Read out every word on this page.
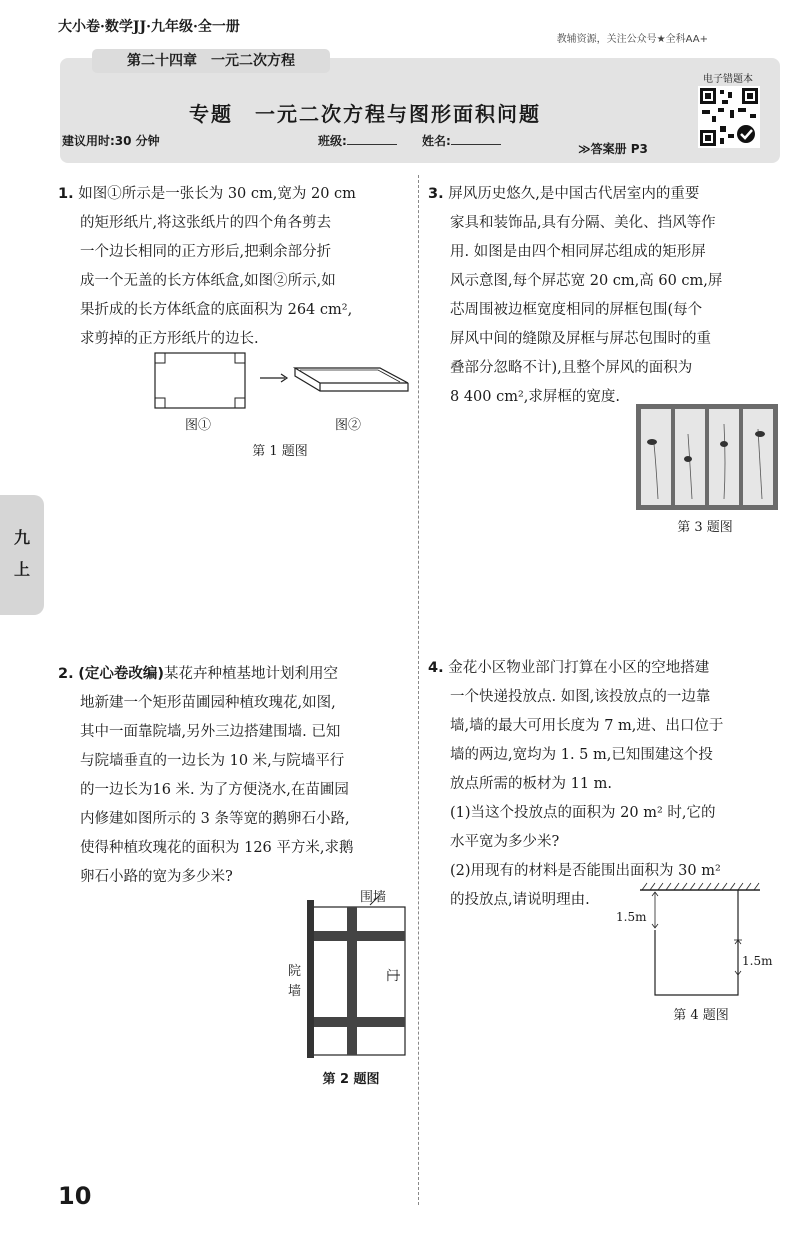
大小卷·数学JJ·九年级·全一册
教辅资源，关注公众号★全科AA+
第二十四章　一元二次方程
专题　一元二次方程与图形面积问题
建议用时:30 分钟	班级:	姓名:
≫答案册 P3
电子错题本
九
上
1. 如图①所示是一张长为 30 cm,宽为 20 cm
的矩形纸片,将这张纸片的四个角各剪去
一个边长相同的正方形后,把剩余部分折
成一个无盖的长方体纸盒,如图②所示,如
果折成的长方体纸盒的底面积为 264 cm²,
求剪掉的正方形纸片的边长.
图①	图②
第 1 题图
2. (定心卷改编)某花卉种植基地计划利用空
地新建一个矩形苗圃园种植玫瑰花,如图,
其中一面靠院墙,另外三边搭建围墙. 已知
与院墙垂直的一边长为 10 米,与院墙平行
的一边长为16 米. 为了方便浇水,在苗圃园
内修建如图所示的 3 条等宽的鹅卵石小路,
使得种植玫瑰花的面积为 126 平方米,求鹅
卵石小路的宽为多少米?
围墙
院
墙
门
第 2 题图
3. 屏风历史悠久,是中国古代居室内的重要
家具和装饰品,具有分隔、美化、挡风等作
用. 如图是由四个相同屏芯组成的矩形屏
风示意图,每个屏芯宽 20 cm,高 60 cm,屏
芯周围被边框宽度相同的屏框包围(每个
屏风中间的缝隙及屏框与屏芯包围时的重
叠部分忽略不计),且整个屏风的面积为
8 400 cm²,求屏框的宽度.
第 3 题图
4. 金花小区物业部门打算在小区的空地搭建
一个快递投放点. 如图,该投放点的一边靠
墙,墙的最大可用长度为 7 m,进、出口位于
墙的两边,宽均为 1. 5 m,已知围建这个投
放点所需的板材为 11 m.
(1)当这个投放点的面积为 20 m² 时,它的
水平宽为多少米?
(2)用现有的材料是否能围出面积为 30 m²
的投放点,请说明理由.
1.5m
1.5m
第 4 题图
10
